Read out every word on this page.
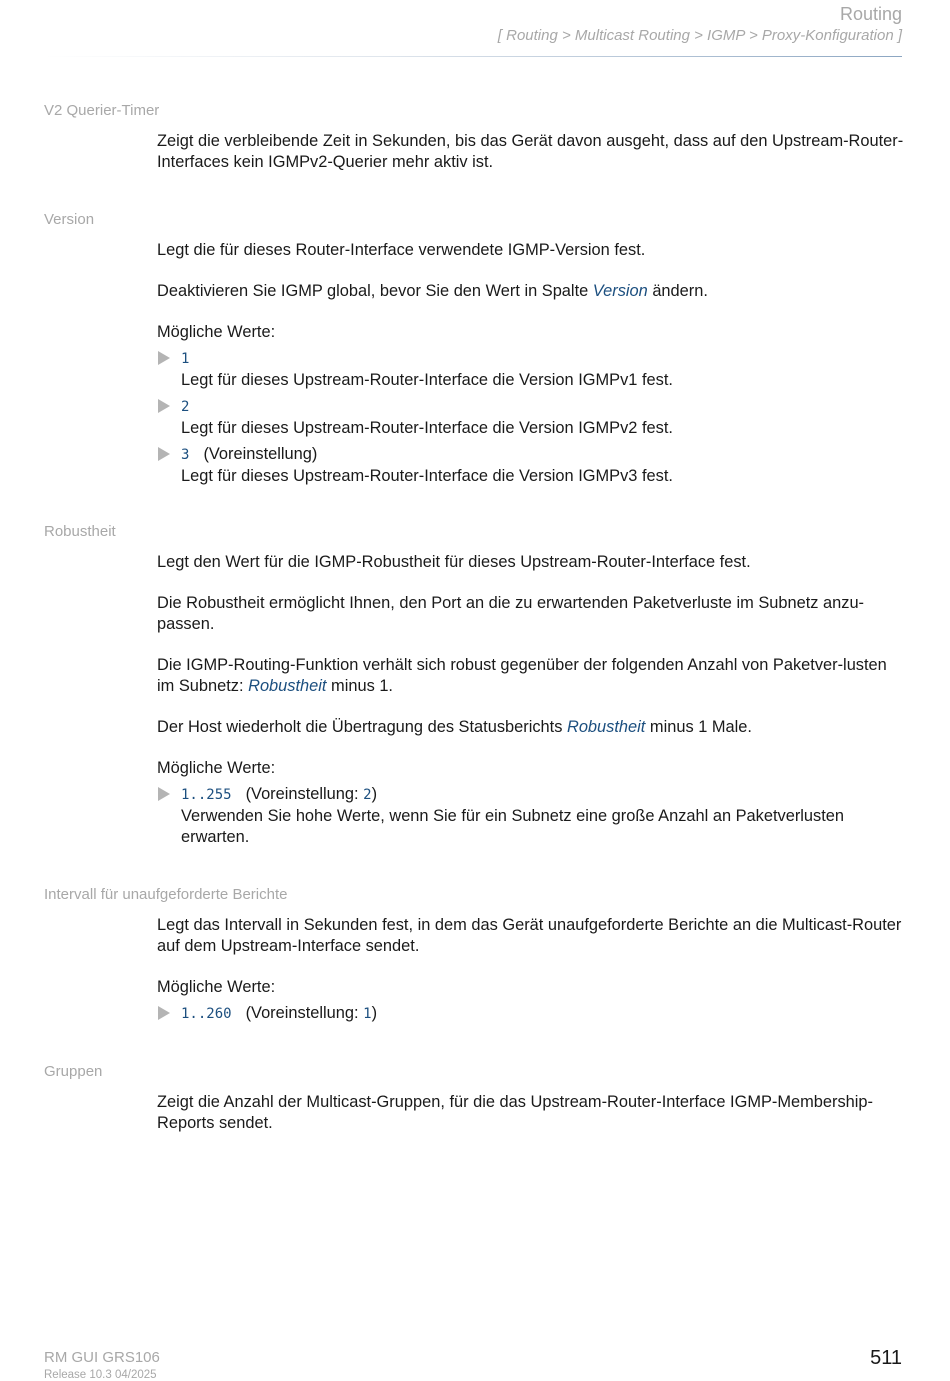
Routing
[ Routing > Multicast Routing > IGMP > Proxy-Konfiguration ]
V2 Querier-Timer

Zeigt die verbleibende Zeit in Sekunden, bis das Gerät davon ausgeht, dass auf den Upstream-Router-Interfaces kein IGMPv2-Querier mehr aktiv ist.

Version

Legt die für dieses Router-Interface verwendete IGMP-Version fest.

Deaktivieren Sie IGMP global, bevor Sie den Wert in Spalte Version ändern.

Mögliche Werte:

1
Legt für dieses Upstream-Router-Interface die Version IGMPv1 fest.
2
Legt für dieses Upstream-Router-Interface die Version IGMPv2 fest.
3 (Voreinstellung)
Legt für dieses Upstream-Router-Interface die Version IGMPv3 fest.
Robustheit

Legt den Wert für die IGMP-Robustheit für dieses Upstream-Router-Interface fest.

Die Robustheit ermöglicht Ihnen, den Port an die zu erwartenden Paketverluste im Subnetz anzu-passen.

Die IGMP-Routing-Funktion verhält sich robust gegenüber der folgenden Anzahl von Paketver-lusten im Subnetz: Robustheit minus 1.

Der Host wiederholt die Übertragung des Statusberichts Robustheit minus 1 Male.

Mögliche Werte:

1..255 (Voreinstellung: 2)
Verwenden Sie hohe Werte, wenn Sie für ein Subnetz eine große Anzahl an Paketverlusten erwarten.
Intervall für unaufgeforderte Berichte

Legt das Intervall in Sekunden fest, in dem das Gerät unaufgeforderte Berichte an die Multicast-Router auf dem Upstream-Interface sendet.

Mögliche Werte:

1..260 (Voreinstellung: 1)
Gruppen

Zeigt die Anzahl der Multicast-Gruppen, für die das Upstream-Router-Interface IGMP-Membership-Reports sendet.

RM GUI GRS106
Release 10.3 04/2025
511
